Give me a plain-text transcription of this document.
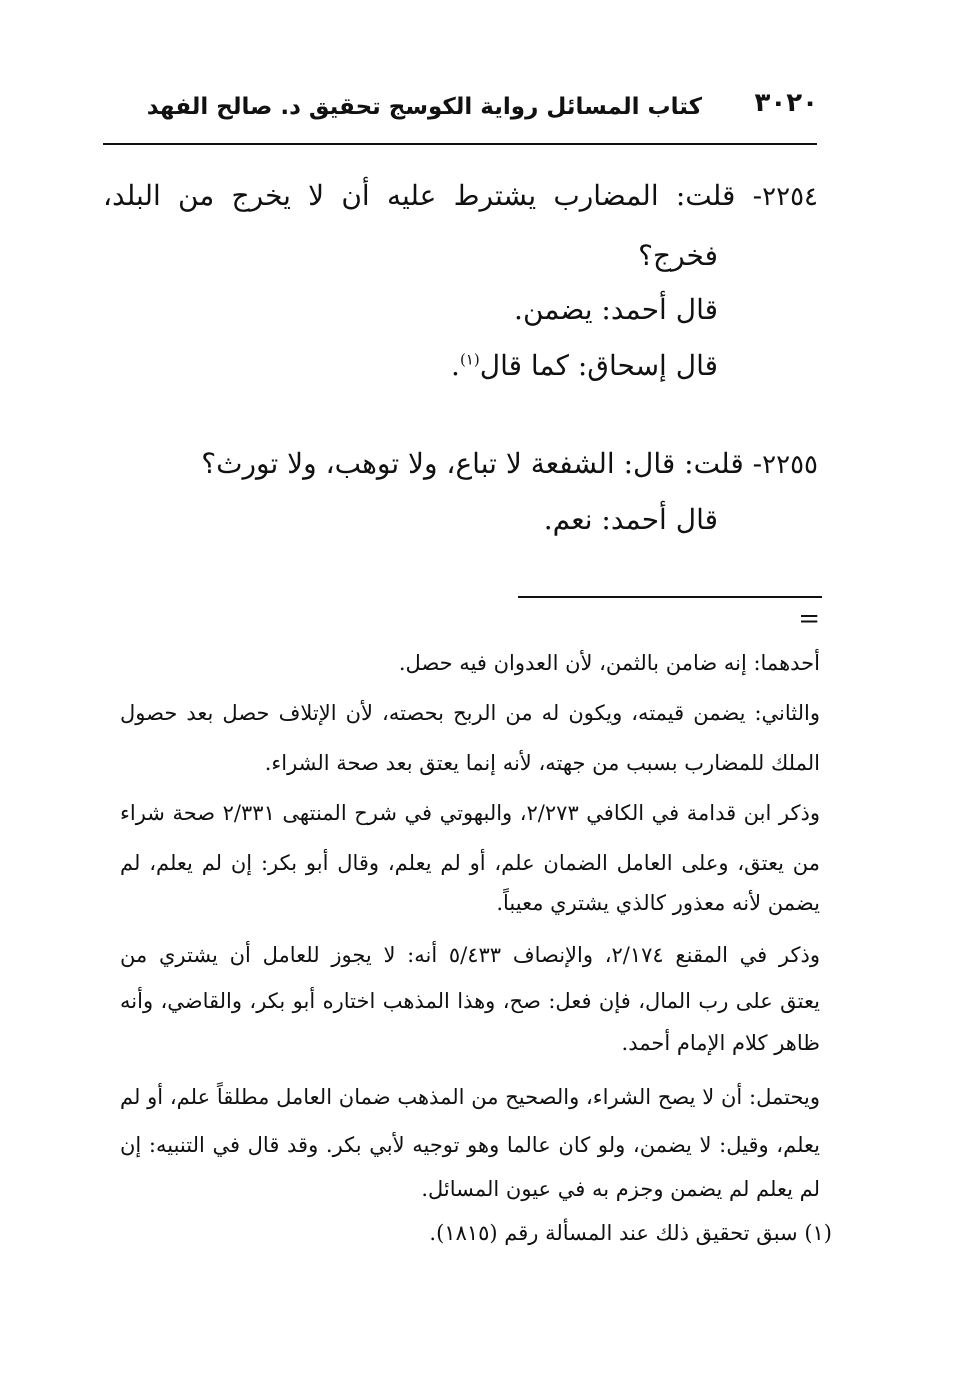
٣٠٢٠
كتاب المسائل رواية الكوسج تحقيق د. صالح الفهد
٢٢٥٤- قلت: المضارب يشترط عليه أن لا يخرج من البلد،
فخرج؟
قال أحمد: يضمن.
قال إسحاق: كما قال$^{(١)}$.
٢٢٥٥- قلت: قال: الشفعة لا تباع، ولا توهب، ولا تورث؟
قال أحمد: نعم.
=
أحدهما: إنه ضامن بالثمن، لأن العدوان فيه حصل.
والثاني: يضمن قيمته، ويكون له من الربح بحصته، لأن الإتلاف حصل بعد حصول
الملك للمضارب بسبب من جهته، لأنه إنما يعتق بعد صحة الشراء.
وذكر ابن قدامة في الكافي ٢/٢٧٣، والبهوتي في شرح المنتهى ٢/٣٣١ صحة شراء
من يعتق، وعلى العامل الضمان علم، أو لم يعلم، وقال أبو بكر: إن لم يعلم، لم
يضمن لأنه معذور كالذي يشتري معيباً.
وذكر في المقنع ٢/١٧٤، والإنصاف ٥/٤٣٣ أنه: لا يجوز للعامل أن يشتري من
يعتق على رب المال، فإن فعل: صح، وهذا المذهب اختاره أبو بكر، والقاضي، وأنه
ظاهر كلام الإمام أحمد.
ويحتمل: أن لا يصح الشراء، والصحيح من المذهب ضمان العامل مطلقاً علم، أو لم
يعلم، وقيل: لا يضمن، ولو كان عالما وهو توجيه لأبي بكر. وقد قال في التنبيه: إن
لم يعلم لم يضمن وجزم به في عيون المسائل.
(١) سبق تحقيق ذلك عند المسألة رقم (١٨١٥).
